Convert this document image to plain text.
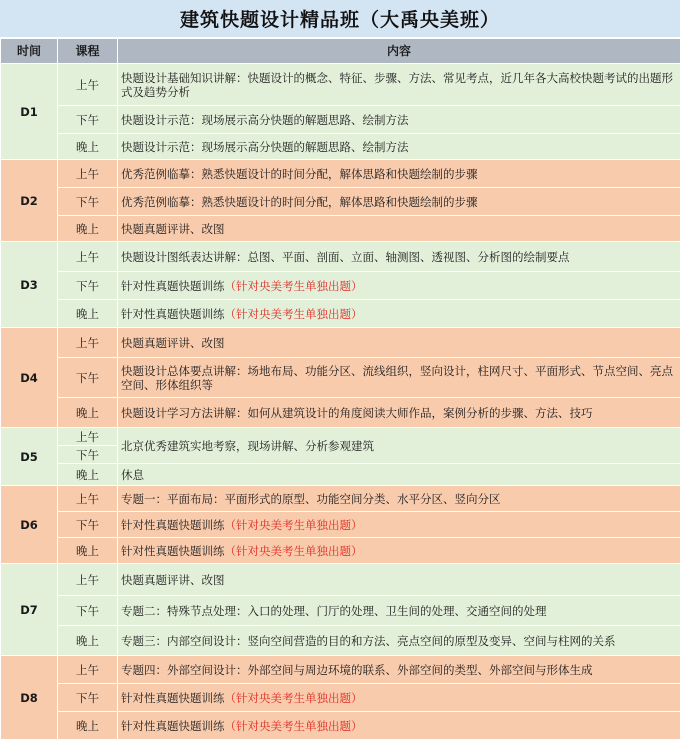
建筑快题设计精品班（大禹央美班）
时间	课程	内容
D1	上午	快题设计基础知识讲解：快题设计的概念、特征、步骤、方法、常见考点，近几年各大高校快题考试的出题形式及趋势分析
	下午	快题设计示范：现场展示高分快题的解题思路、绘制方法
	晚上	快题设计示范：现场展示高分快题的解题思路、绘制方法
D2	上午	优秀范例临摹：熟悉快题设计的时间分配，解体思路和快题绘制的步骤
	下午	优秀范例临摹：熟悉快题设计的时间分配，解体思路和快题绘制的步骤
	晚上	快题真题评讲、改图
D3	上午	快题设计图纸表达讲解：总图、平面、剖面、立面、轴测图、透视图、分析图的绘制要点
	下午	针对性真题快题训练（针对央美考生单独出题）
	晚上	针对性真题快题训练（针对央美考生单独出题）
D4	上午	快题真题评讲、改图
	下午	快题设计总体要点讲解：场地布局、功能分区、流线组织，竖向设计，柱网尺寸、平面形式、节点空间、亮点空间、形体组织等
	晚上	快题设计学习方法讲解：如何从建筑设计的角度阅读大师作品，案例分析的步骤、方法、技巧
D5	上午	北京优秀建筑实地考察，现场讲解、分析参观建筑
	下午	
	晚上	休息
D6	上午	专题一：平面布局：平面形式的原型、功能空间分类、水平分区、竖向分区
	下午	针对性真题快题训练（针对央美考生单独出题）
	晚上	针对性真题快题训练（针对央美考生单独出题）
D7	上午	快题真题评讲、改图
	下午	专题二：特殊节点处理：入口的处理、门厅的处理、卫生间的处理、交通空间的处理
	晚上	专题三：内部空间设计：竖向空间营造的目的和方法、亮点空间的原型及变异、空间与柱网的关系
D8	上午	专题四：外部空间设计：外部空间与周边环境的联系、外部空间的类型、外部空间与形体生成
	下午	针对性真题快题训练（针对央美考生单独出题）
	晚上	针对性真题快题训练（针对央美考生单独出题）
